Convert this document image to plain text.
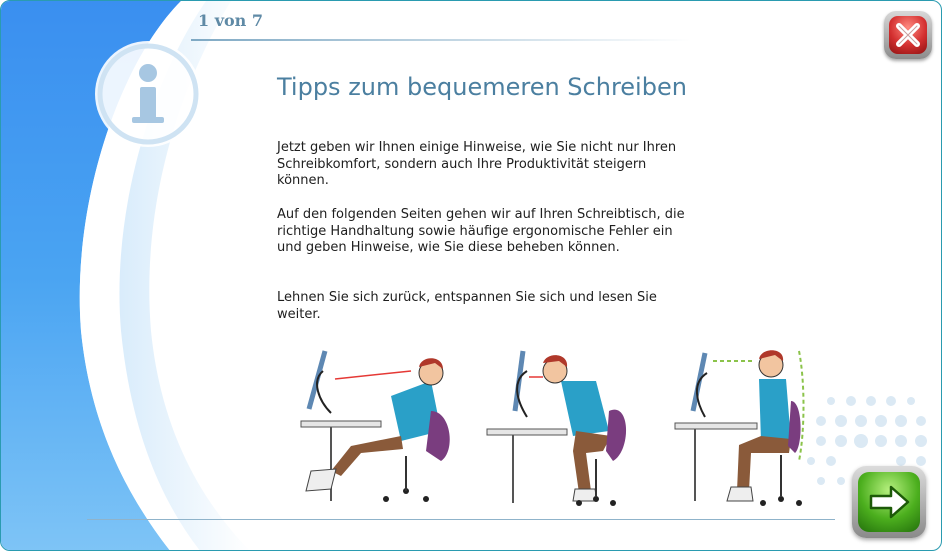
1 von 7
Tipps zum bequemeren Schreiben

Jetzt geben wir Ihnen einige Hinweise, wie Sie nicht nur Ihren Schreibkomfort, sondern auch Ihre Produktivität steigern können.

Auf den folgenden Seiten gehen wir auf Ihren Schreibtisch, die richtige Handhaltung sowie häufige ergonomische Fehler ein und geben Hinweise, wie Sie diese beheben können.

Lehnen Sie sich zurück, entspannen Sie sich und lesen Sie weiter.
